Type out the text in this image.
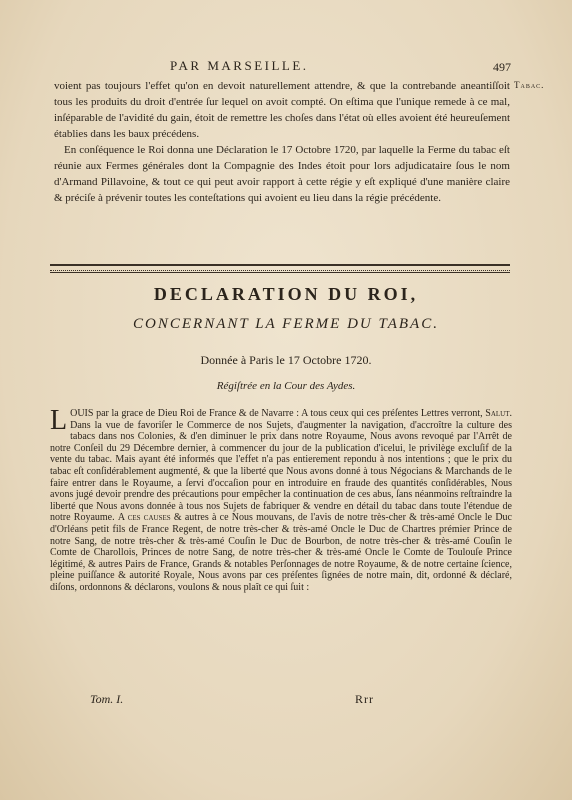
PAR MARSEILLE.	497
Tabac.

voient pas toujours l'effet qu'on en devoit naturellement attendre, & que la contrebande aneantiſſoit tous les produits du droit d'entrée ſur lequel on avoit compté. On eſtima que l'unique remede à ce mal, inſéparable de l'avidité du gain, étoit de remettre les choſes dans l'état où elles avoient été heureuſement établies dans les baux précédens.

En conſéquence le Roi donna une Déclaration le 17 Octobre 1720, par laquelle la Ferme du tabac eſt réunie aux Fermes générales dont la Compagnie des Indes étoit pour lors adjudicataire ſous le nom d'Armand Pillavoine, & tout ce qui peut avoir rapport à cette régie y eſt expliqué d'une manière claire & préciſe à prévenir toutes les conteſtations qui avoient eu lieu dans la régie précédente.

DECLARATION DU ROI,
CONCERNANT LA FERME DU TABAC.
Donnée à Paris le 17 Octobre 1720.
Régiſtrée en la Cour des Aydes.
LOUIS par la grace de Dieu Roi de France & de Navarre : A tous ceux qui ces préſentes Lettres verront, Salut. Dans la vue de favoriſer le Commerce de nos Sujets, d'augmenter la navigation, d'accroître la culture des tabacs dans nos Colonies, & d'en diminuer le prix dans notre Royaume, Nous avons revoqué par l'Arrêt de notre Conſeil du 29 Décembre dernier, à commencer du jour de la publication d'icelui, le privilège excluſif de la vente du tabac. Mais ayant été informés que l'effet n'a pas entierement repondu à nos intentions ; que le prix du tabac eſt conſidérablement augmenté, & que la liberté que Nous avons donné à tous Négocians & Marchands de le faire entrer dans le Royaume, a ſervi d'occaſion pour en introduire en fraude des quantités conſidérables, Nous avons jugé devoir prendre des précautions pour empêcher la continuation de ces abus, ſans néanmoins reſtraindre la liberté que Nous avons donnée à tous nos Sujets de fabriquer & vendre en détail du tabac dans toute l'étendue de notre Royaume. A ces causes & autres à ce Nous mouvans, de l'avis de notre très-cher & très-amé Oncle le Duc d'Orléans petit fils de France Regent, de notre très-cher & très-amé Oncle le Duc de Chartres prémier Prince de notre Sang, de notre très-cher & très-amé Couſin le Duc de Bourbon, de notre très-cher & très-amé Couſin le Comte de Charollois, Princes de notre Sang, de notre très-cher & très-amé Oncle le Comte de Toulouſe Prince légitimé, & autres Pairs de France, Grands & notables Perſonnages de notre Royaume, & de notre certaine ſcience, pleine puiſſance & autorité Royale, Nous avons par ces préſentes ſignées de notre main, dit, ordonné & déclaré, diſons, ordonnons & déclarons, voulons & nous plaît ce qui ſuit :
Tom. I.	Rrr
